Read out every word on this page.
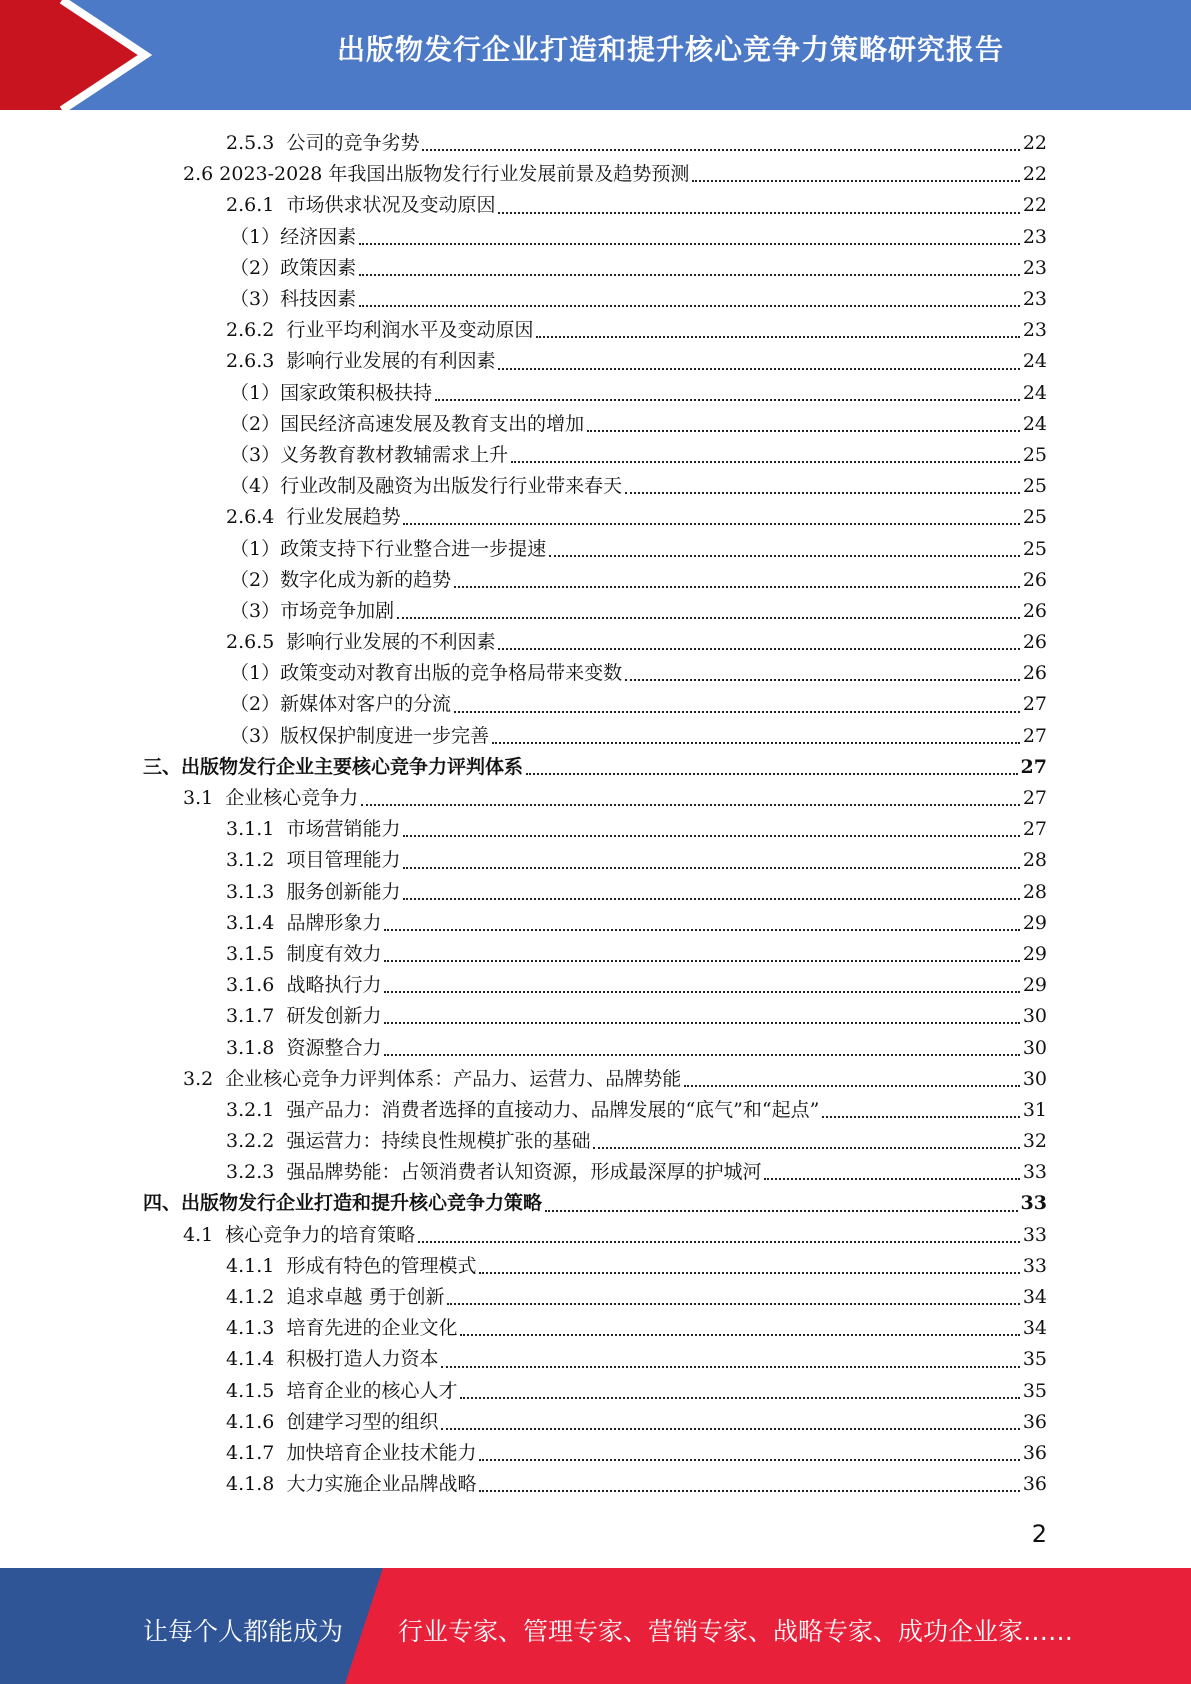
出版物发行企业打造和提升核心竞争力策略研究报告
2.5.3 公司的竞争劣势	22
2.6 2023-2028 年我国出版物发行行业发展前景及趋势预测	22
2.6.1 市场供求状况及变动原因	22
（1）经济因素	23
（2）政策因素	23
（3）科技因素	23
2.6.2 行业平均利润水平及变动原因	23
2.6.3 影响行业发展的有利因素	24
（1）国家政策积极扶持	24
（2）国民经济高速发展及教育支出的增加	24
（3）义务教育教材教辅需求上升	25
（4）行业改制及融资为出版发行行业带来春天	25
2.6.4 行业发展趋势	25
（1）政策支持下行业整合进一步提速	25
（2）数字化成为新的趋势	26
（3）市场竞争加剧	26
2.6.5 影响行业发展的不利因素	26
（1）政策变动对教育出版的竞争格局带来变数	26
（2）新媒体对客户的分流	27
（3）版权保护制度进一步完善	27
三、出版物发行企业主要核心竞争力评判体系	27
3.1 企业核心竞争力	27
3.1.1 市场营销能力	27
3.1.2 项目管理能力	28
3.1.3 服务创新能力	28
3.1.4 品牌形象力	29
3.1.5 制度有效力	29
3.1.6 战略执行力	29
3.1.7 研发创新力	30
3.1.8 资源整合力	30
3.2 企业核心竞争力评判体系：产品力、运营力、品牌势能	30
3.2.1 强产品力：消费者选择的直接动力、品牌发展的“底气”和“起点”	31
3.2.2 强运营力：持续良性规模扩张的基础	32
3.2.3 强品牌势能：占领消费者认知资源，形成最深厚的护城河	33
四、出版物发行企业打造和提升核心竞争力策略	33
4.1 核心竞争力的培育策略	33
4.1.1 形成有特色的管理模式	33
4.1.2 追求卓越 勇于创新	34
4.1.3 培育先进的企业文化	34
4.1.4 积极打造人力资本	35
4.1.5 培育企业的核心人才	35
4.1.6 创建学习型的组织	36
4.1.7 加快培育企业技术能力	36
4.1.8 大力实施企业品牌战略	36
2
让每个人都能成为 行业专家、管理专家、营销专家、战略专家、成功企业家……
